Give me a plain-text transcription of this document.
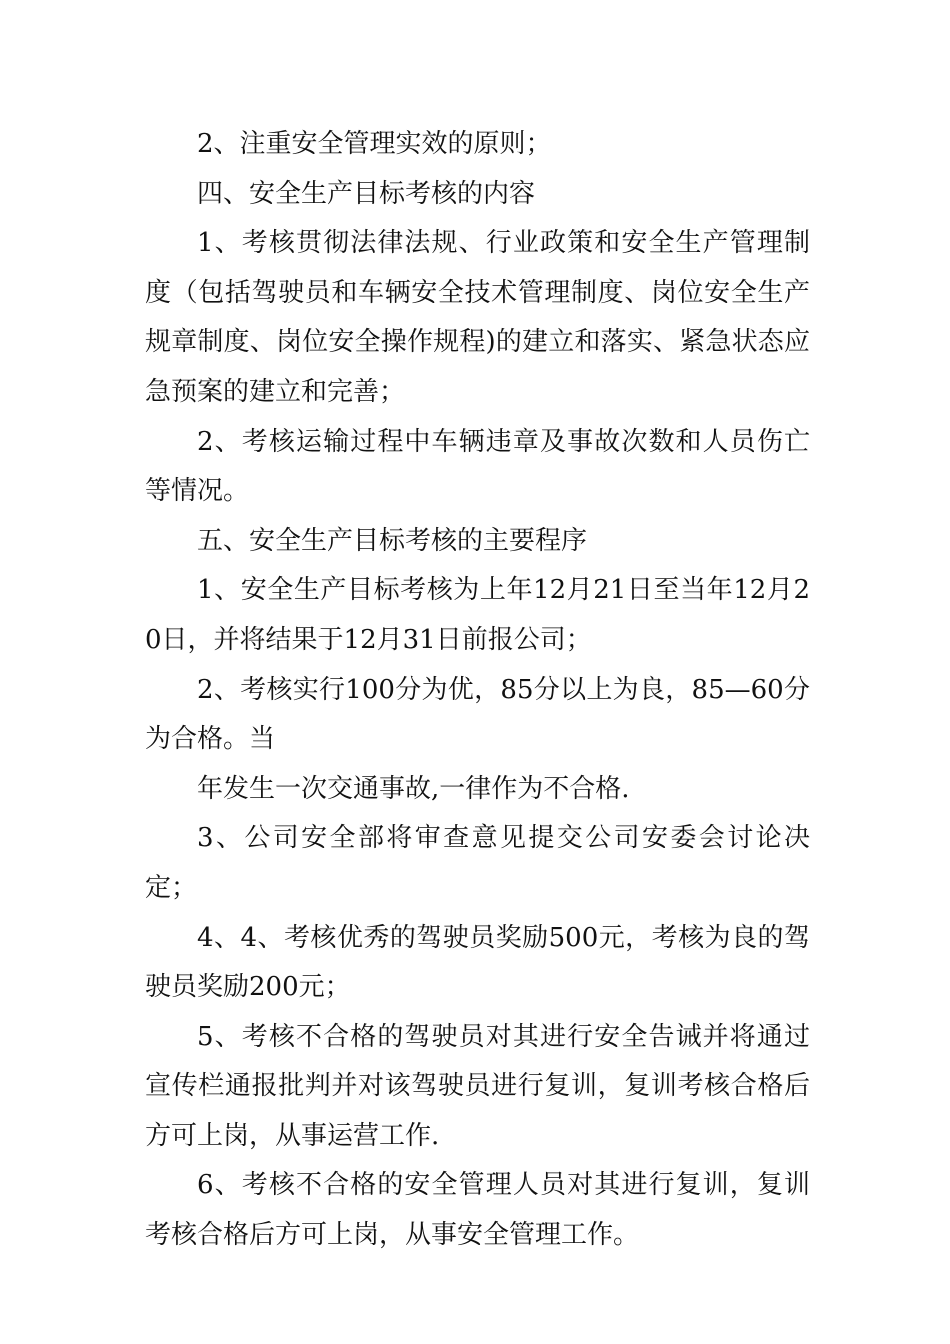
2、注重安全管理实效的原则；

四、安全生产目标考核的内容

1、考核贯彻法律法规、行业政策和安全生产管理制度（包括驾驶员和车辆安全技术管理制度、岗位安全生产规章制度、岗位安全操作规程)的建立和落实、紧急状态应急预案的建立和完善；

2、考核运输过程中车辆违章及事故次数和人员伤亡等情况。

五、安全生产目标考核的主要程序

1、安全生产目标考核为上年12月21日至当年12月20日，并将结果于12月31日前报公司；

2、考核实行100分为优，85分以上为良，85—60分为合格。当

年发生一次交通事故,一律作为不合格.

3、公司安全部将审查意见提交公司安委会讨论决定；

4、4、考核优秀的驾驶员奖励500元，考核为良的驾驶员奖励200元；

5、考核不合格的驾驶员对其进行安全告诫并将通过宣传栏通报批判并对该驾驶员进行复训，复训考核合格后方可上岗，从事运营工作.

6、考核不合格的安全管理人员对其进行复训，复训考核合格后方可上岗，从事安全管理工作。
